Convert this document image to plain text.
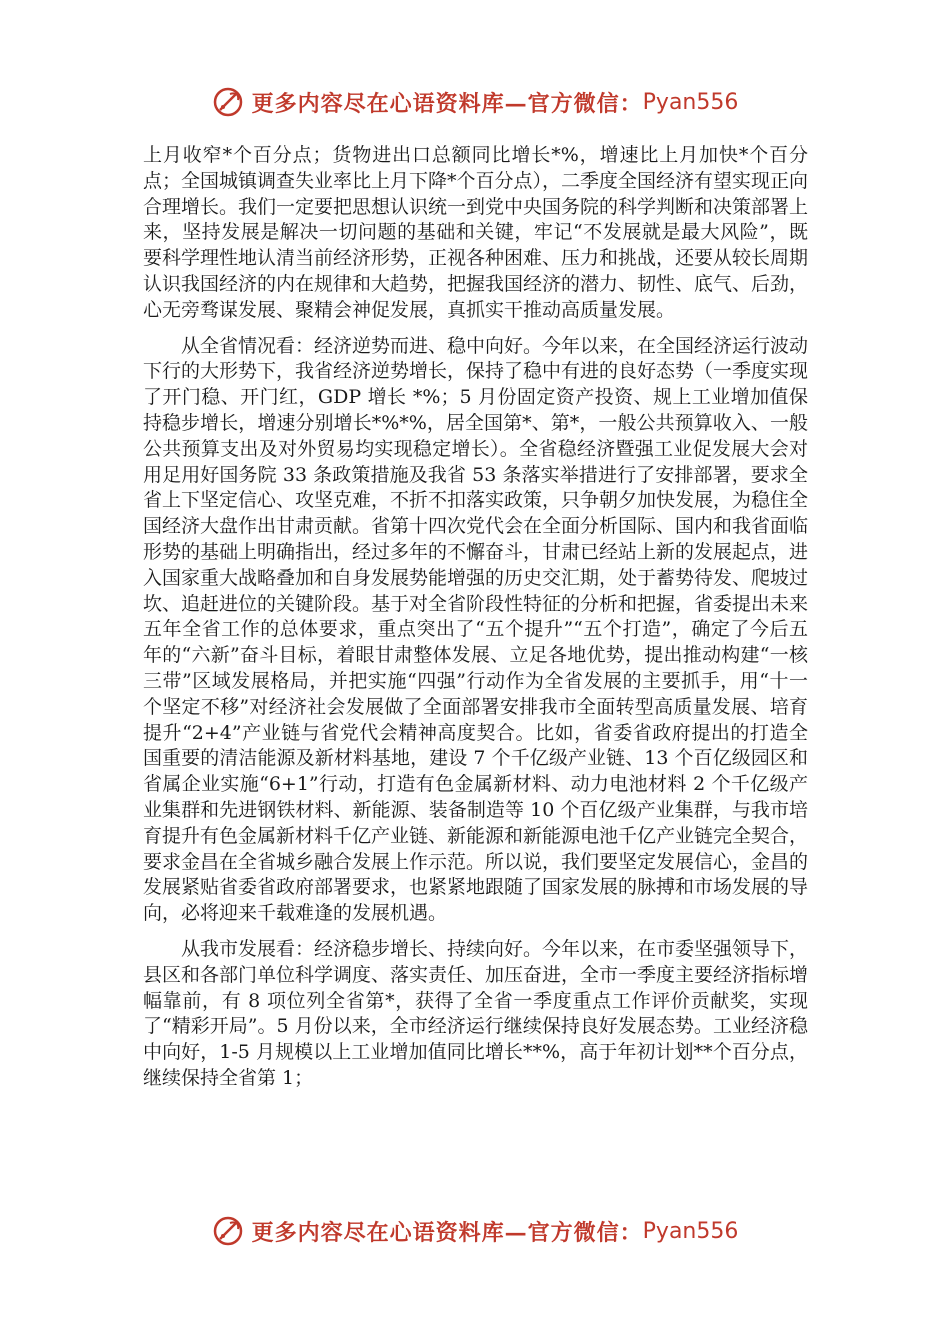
更多内容尽在心语资料库—官方微信： Pyan556

上月收窄*个百分点；货物进出口总额同比增长*%，增速比上月加快*个百分点；全国城镇调查失业率比上月下降*个百分点），二季度全国经济有望实现正向合理增长。我们一定要把思想认识统一到党中央国务院的科学判断和决策部署上来，坚持发展是解决一切问题的基础和关键，牢记“不发展就是最大风险”，既要科学理性地认清当前经济形势，正视各种困难、压力和挑战，还要从较长周期认识我国经济的内在规律和大趋势，把握我国经济的潜力、韧性、底气、后劲，心无旁骛谋发展、聚精会神促发展，真抓实干推动高质量发展。

从全省情况看：经济逆势而进、稳中向好。今年以来，在全国经济运行波动下行的大形势下，我省经济逆势增长，保持了稳中有进的良好态势（一季度实现了开门稳、开门红，GDP 增长 *%；5 月份固定资产投资、规上工业增加值保持稳步增长，增速分别增长*%*%，居全国第*、第*，一般公共预算收入、一般公共预算支出及对外贸易均实现稳定增长）。全省稳经济暨强工业促发展大会对用足用好国务院 33 条政策措施及我省 53 条落实举措进行了安排部署，要求全省上下坚定信心、攻坚克难，不折不扣落实政策，只争朝夕加快发展，为稳住全国经济大盘作出甘肃贡献。省第十四次党代会在全面分析国际、国内和我省面临形势的基础上明确指出，经过多年的不懈奋斗，甘肃已经站上新的发展起点，进入国家重大战略叠加和自身发展势能增强的历史交汇期，处于蓄势待发、爬坡过坎、追赶进位的关键阶段。基于对全省阶段性特征的分析和把握，省委提出未来五年全省工作的总体要求，重点突出了“五个提升”“五个打造”，确定了今后五年的“六新”奋斗目标，着眼甘肃整体发展、立足各地优势，提出推动构建“一核三带”区域发展格局，并把实施“四强”行动作为全省发展的主要抓手，用“十一个坚定不移”对经济社会发展做了全面部署安排我市全面转型高质量发展、培育提升“2+4”产业链与省党代会精神高度契合。比如，省委省政府提出的打造全国重要的清洁能源及新材料基地，建设 7 个千亿级产业链、13 个百亿级园区和省属企业实施“6+1”行动，打造有色金属新材料、动力电池材料 2 个千亿级产业集群和先进钢铁材料、新能源、装备制造等 10 个百亿级产业集群，与我市培育提升有色金属新材料千亿产业链、新能源和新能源电池千亿产业链完全契合，要求金昌在全省城乡融合发展上作示范。所以说，我们要坚定发展信心，金昌的发展紧贴省委省政府部署要求，也紧紧地跟随了国家发展的脉搏和市场发展的导向，必将迎来千载难逢的发展机遇。

从我市发展看：经济稳步增长、持续向好。今年以来，在市委坚强领导下，县区和各部门单位科学调度、落实责任、加压奋进，全市一季度主要经济指标增幅靠前，有 8 项位列全省第*，获得了全省一季度重点工作评价贡献奖，实现了“精彩开局”。5 月份以来，全市经济运行继续保持良好发展态势。工业经济稳中向好，1-5 月规模以上工业增加值同比增长**%，高于年初计划**个百分点，继续保持全省第 1；

更多内容尽在心语资料库—官方微信： Pyan556
